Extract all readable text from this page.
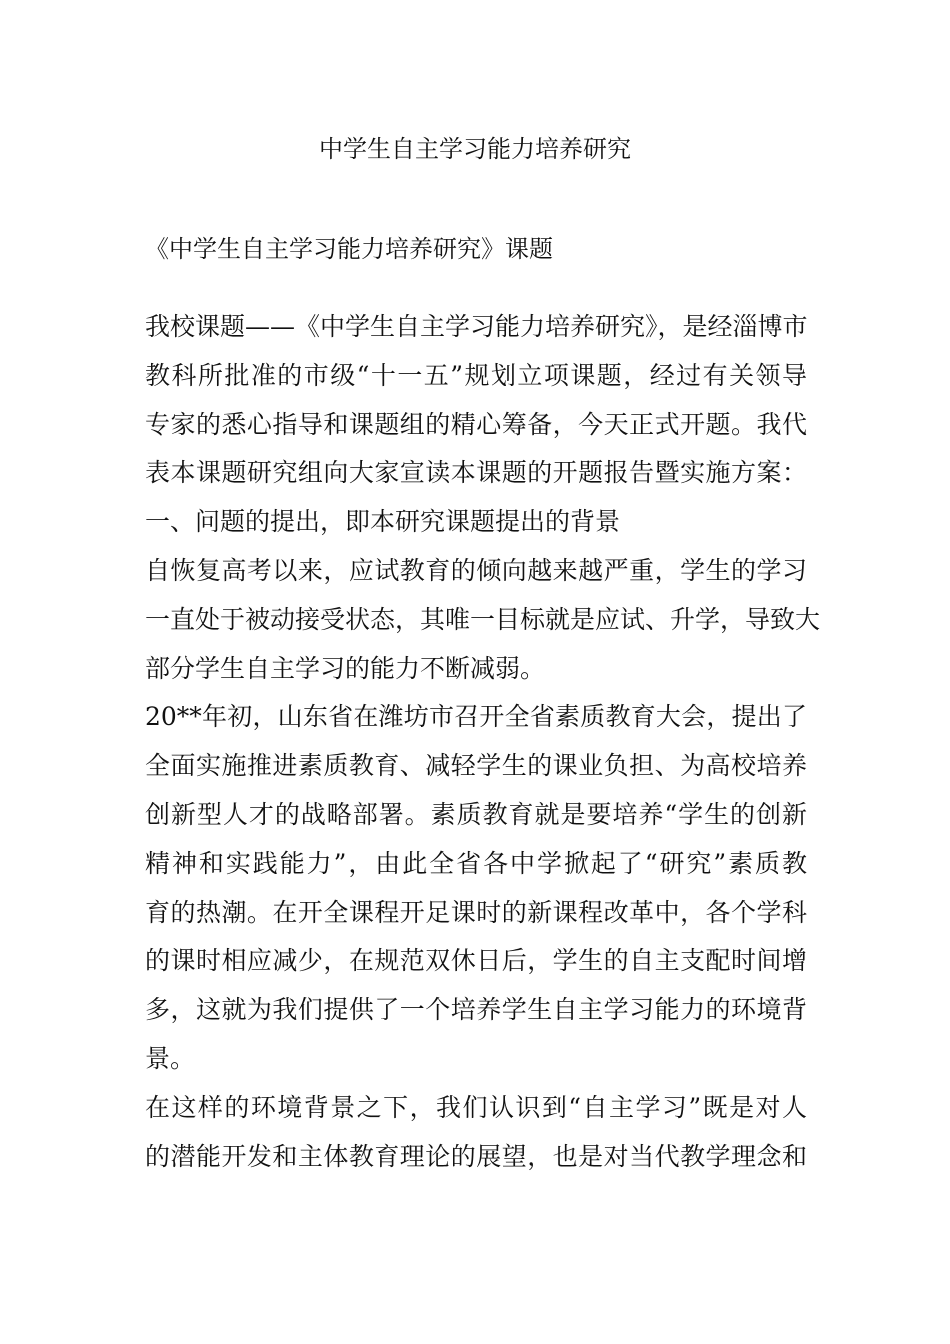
中学生自主学习能力培养研究

《中学生自主学习能力培养研究》课题

我校课题——《中学生自主学习能力培养研究》，是经淄博市
教科所批准的市级“十一五”规划立项课题，经过有关领导
专家的悉心指导和课题组的精心筹备，今天正式开题。我代
表本课题研究组向大家宣读本课题的开题报告暨实施方案：
一、问题的提出，即本研究课题提出的背景
自恢复高考以来，应试教育的倾向越来越严重，学生的学习
一直处于被动接受状态，其唯一目标就是应试、升学，导致大
部分学生自主学习的能力不断减弱。
20**年初，山东省在潍坊市召开全省素质教育大会，提出了
全面实施推进素质教育、减轻学生的课业负担、为高校培养
创新型人才的战略部署。素质教育就是要培养“学生的创新
精神和实践能力”，由此全省各中学掀起了“研究”素质教
育的热潮。在开全课程开足课时的新课程改革中，各个学科
的课时相应减少，在规范双休日后，学生的自主支配时间增
多，这就为我们提供了一个培养学生自主学习能力的环境背
景。
在这样的环境背景之下，我们认识到“自主学习”既是对人
的潜能开发和主体教育理论的展望，也是对当代教学理念和
